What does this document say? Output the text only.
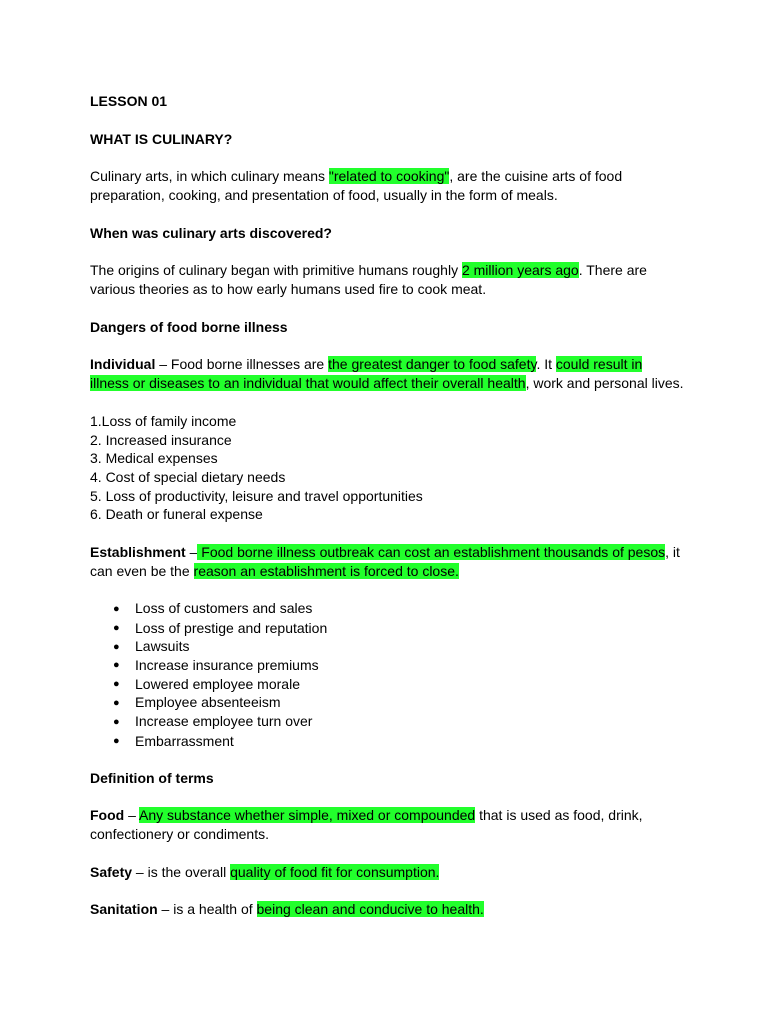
LESSON 01
WHAT IS CULINARY?
Culinary arts, in which culinary means "related to cooking", are the cuisine arts of food
preparation, cooking, and presentation of food, usually in the form of meals.
When was culinary arts discovered?
The origins of culinary began with primitive humans roughly 2 million years ago. There are
various theories as to how early humans used fire to cook meat.
Dangers of food borne illness
Individual – Food borne illnesses are the greatest danger to food safety. It could result in
illness or diseases to an individual that would affect their overall health, work and personal lives.
1.Loss of family income
2. Increased insurance
3. Medical expenses
4. Cost of special dietary needs
5. Loss of productivity, leisure and travel opportunities
6. Death or funeral expense
Establishment – Food borne illness outbreak can cost an establishment thousands of pesos, it
can even be the reason an establishment is forced to close.
● Loss of customers and sales
● Loss of prestige and reputation
● Lawsuits
● Increase insurance premiums
● Lowered employee morale
● Employee absenteeism
● Increase employee turn over
● Embarrassment
Definition of terms
Food – Any substance whether simple, mixed or compounded that is used as food, drink,
confectionery or condiments.
Safety – is the overall quality of food fit for consumption.
Sanitation – is a health of being clean and conducive to health.
